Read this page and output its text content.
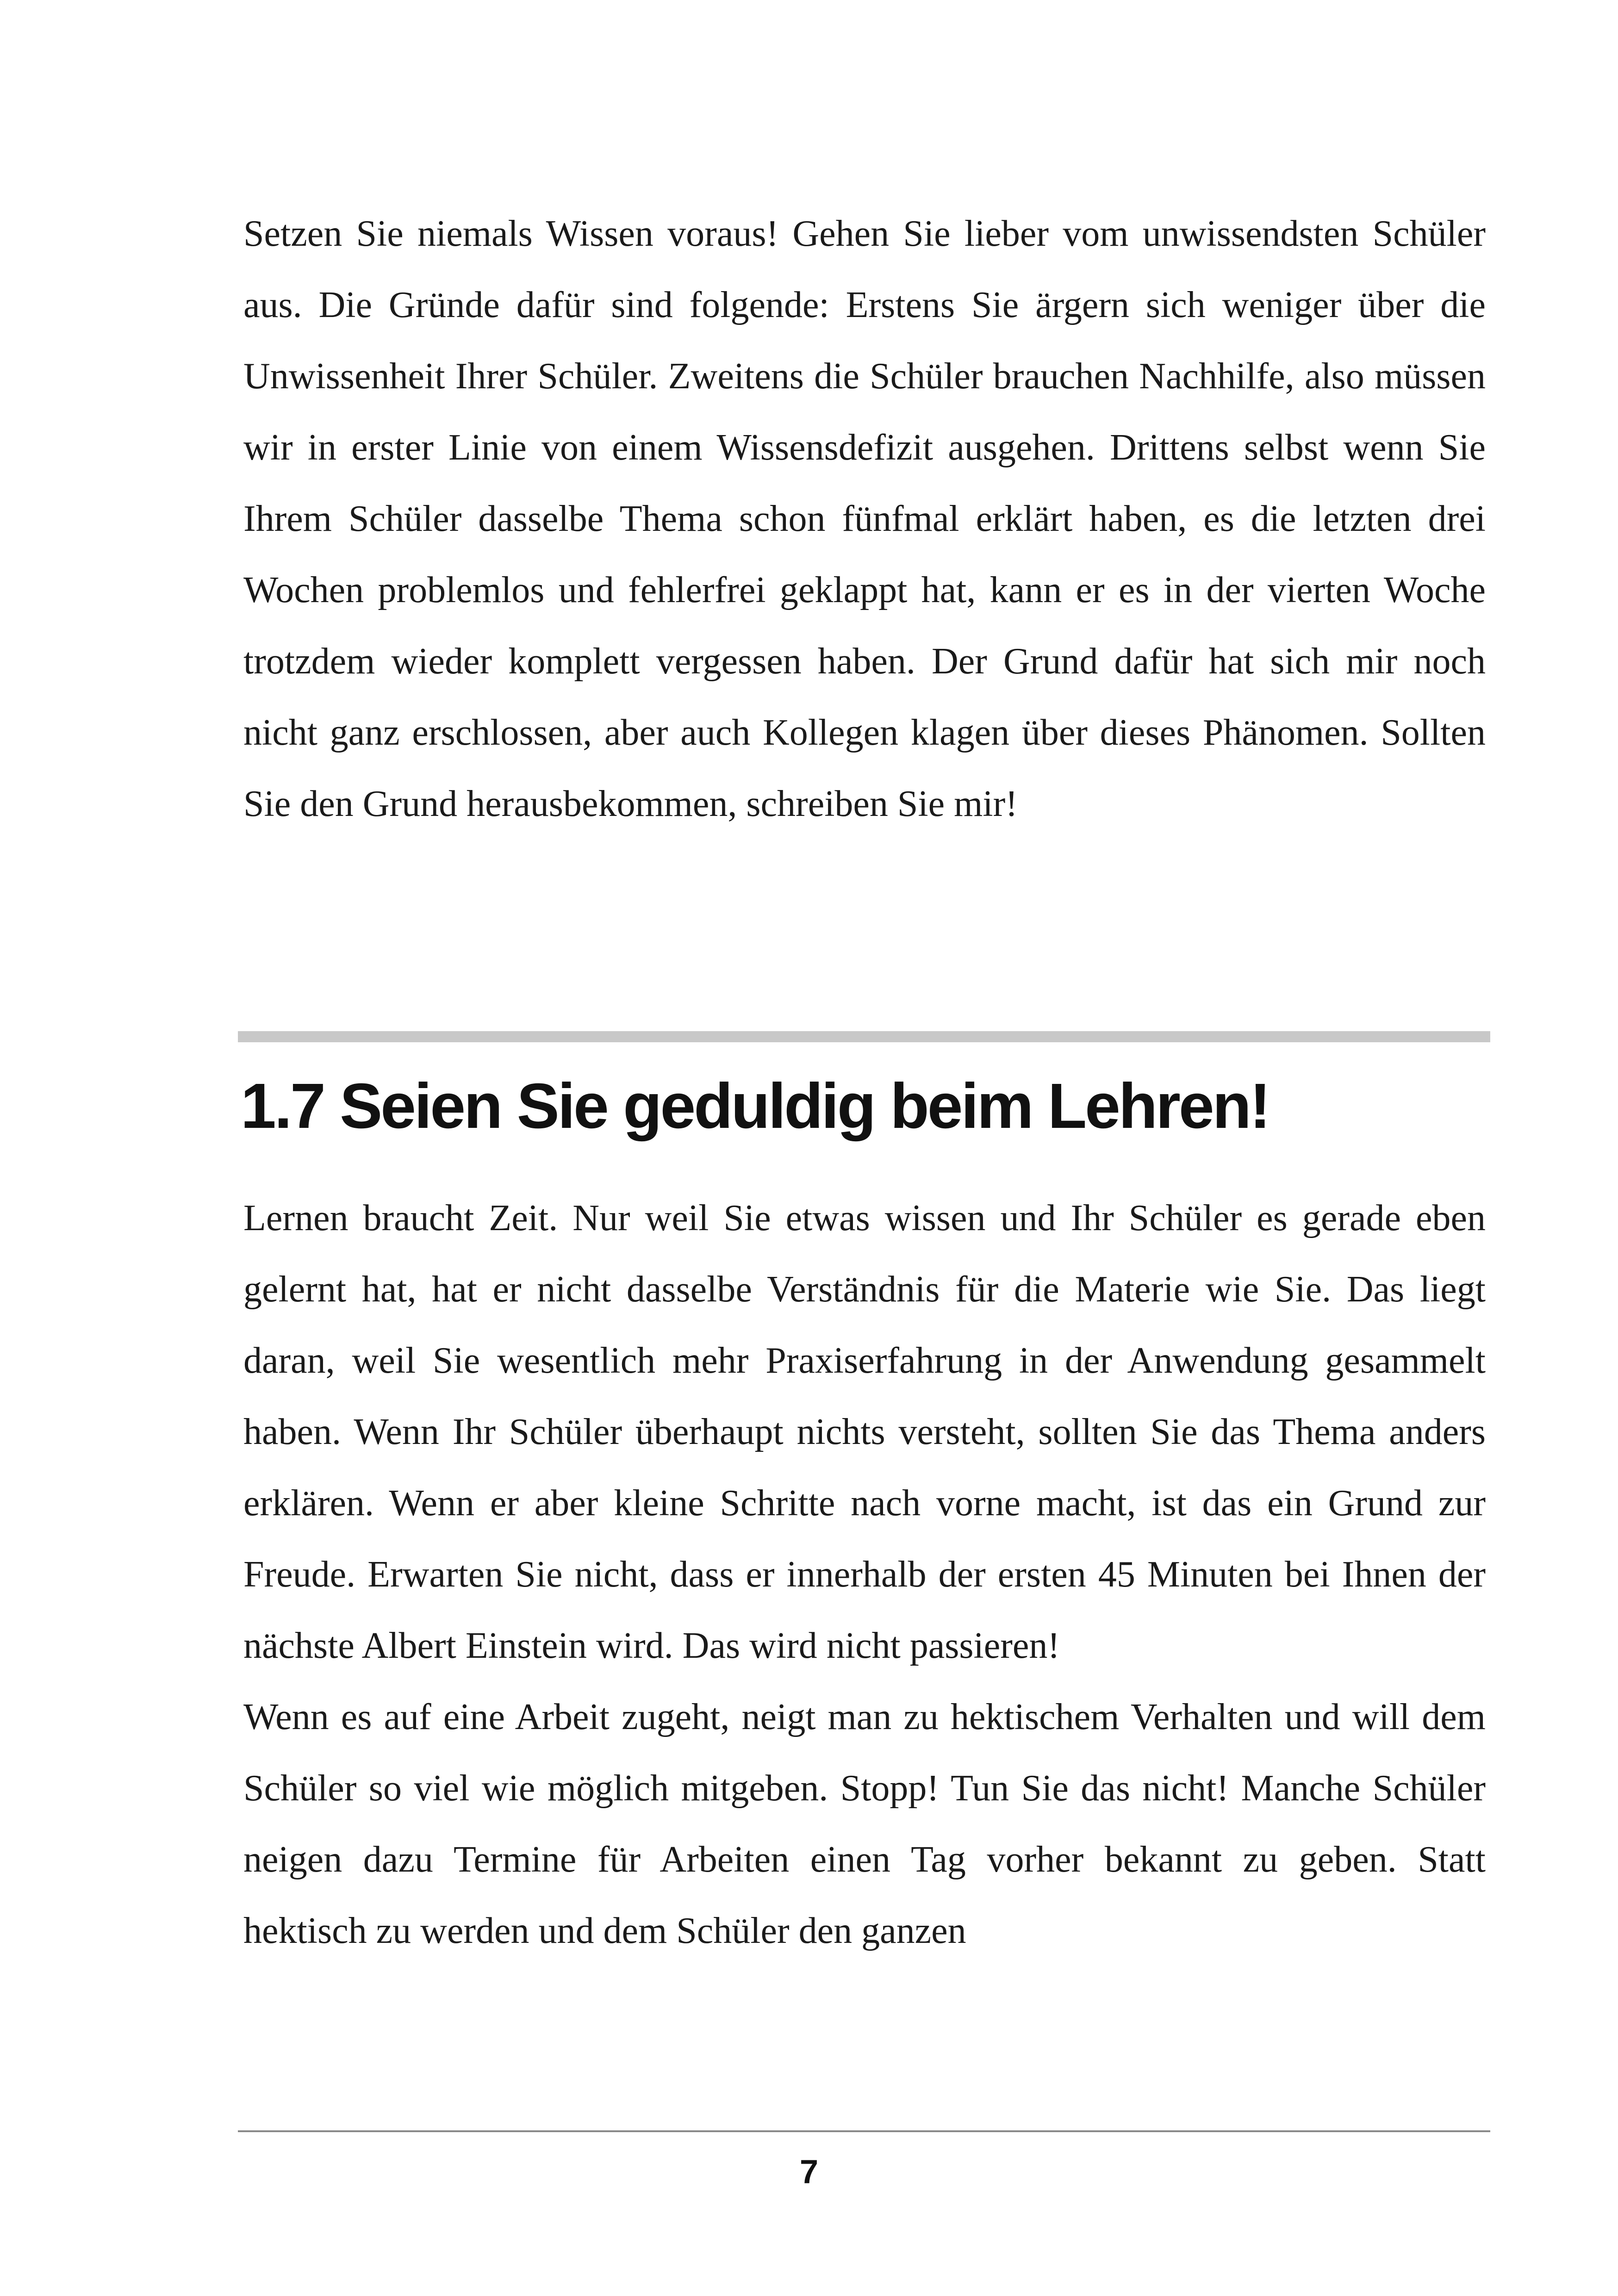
Setzen Sie niemals Wissen voraus! Gehen Sie lieber vom unwissendsten Schüler aus. Die Gründe dafür sind folgende: Erstens Sie ärgern sich weniger über die Unwissenheit Ihrer Schüler. Zweitens die Schüler brauchen Nachhilfe, also müssen wir in erster Linie von einem Wissensdefizit ausgehen. Drittens selbst wenn Sie Ihrem Schüler dasselbe Thema schon fünfmal erklärt haben, es die letzten drei Wochen problemlos und fehlerfrei geklappt hat, kann er es in der vierten Woche trotzdem wieder komplett vergessen haben. Der Grund dafür hat sich mir noch nicht ganz erschlossen, aber auch Kollegen klagen über dieses Phänomen. Sollten Sie den Grund herausbekommen, schreiben Sie mir!

1.7 Seien Sie geduldig beim Lehren!

Lernen braucht Zeit. Nur weil Sie etwas wissen und Ihr Schüler es gerade eben gelernt hat, hat er nicht dasselbe Verständnis für die Materie wie Sie. Das liegt daran, weil Sie wesentlich mehr Praxiserfahrung in der Anwendung gesammelt haben. Wenn Ihr Schüler überhaupt nichts versteht, sollten Sie das Thema anders erklären. Wenn er aber kleine Schritte nach vorne macht, ist das ein Grund zur Freude. Erwarten Sie nicht, dass er innerhalb der ersten 45 Minuten bei Ihnen der nächste Albert Einstein wird. Das wird nicht passieren!

Wenn es auf eine Arbeit zugeht, neigt man zu hektischem Verhalten und will dem Schüler so viel wie möglich mitgeben. Stopp! Tun Sie das nicht! Manche Schüler neigen dazu Termine für Arbeiten einen Tag vorher bekannt zu geben. Statt hektisch zu werden und dem Schüler den ganzen

7
